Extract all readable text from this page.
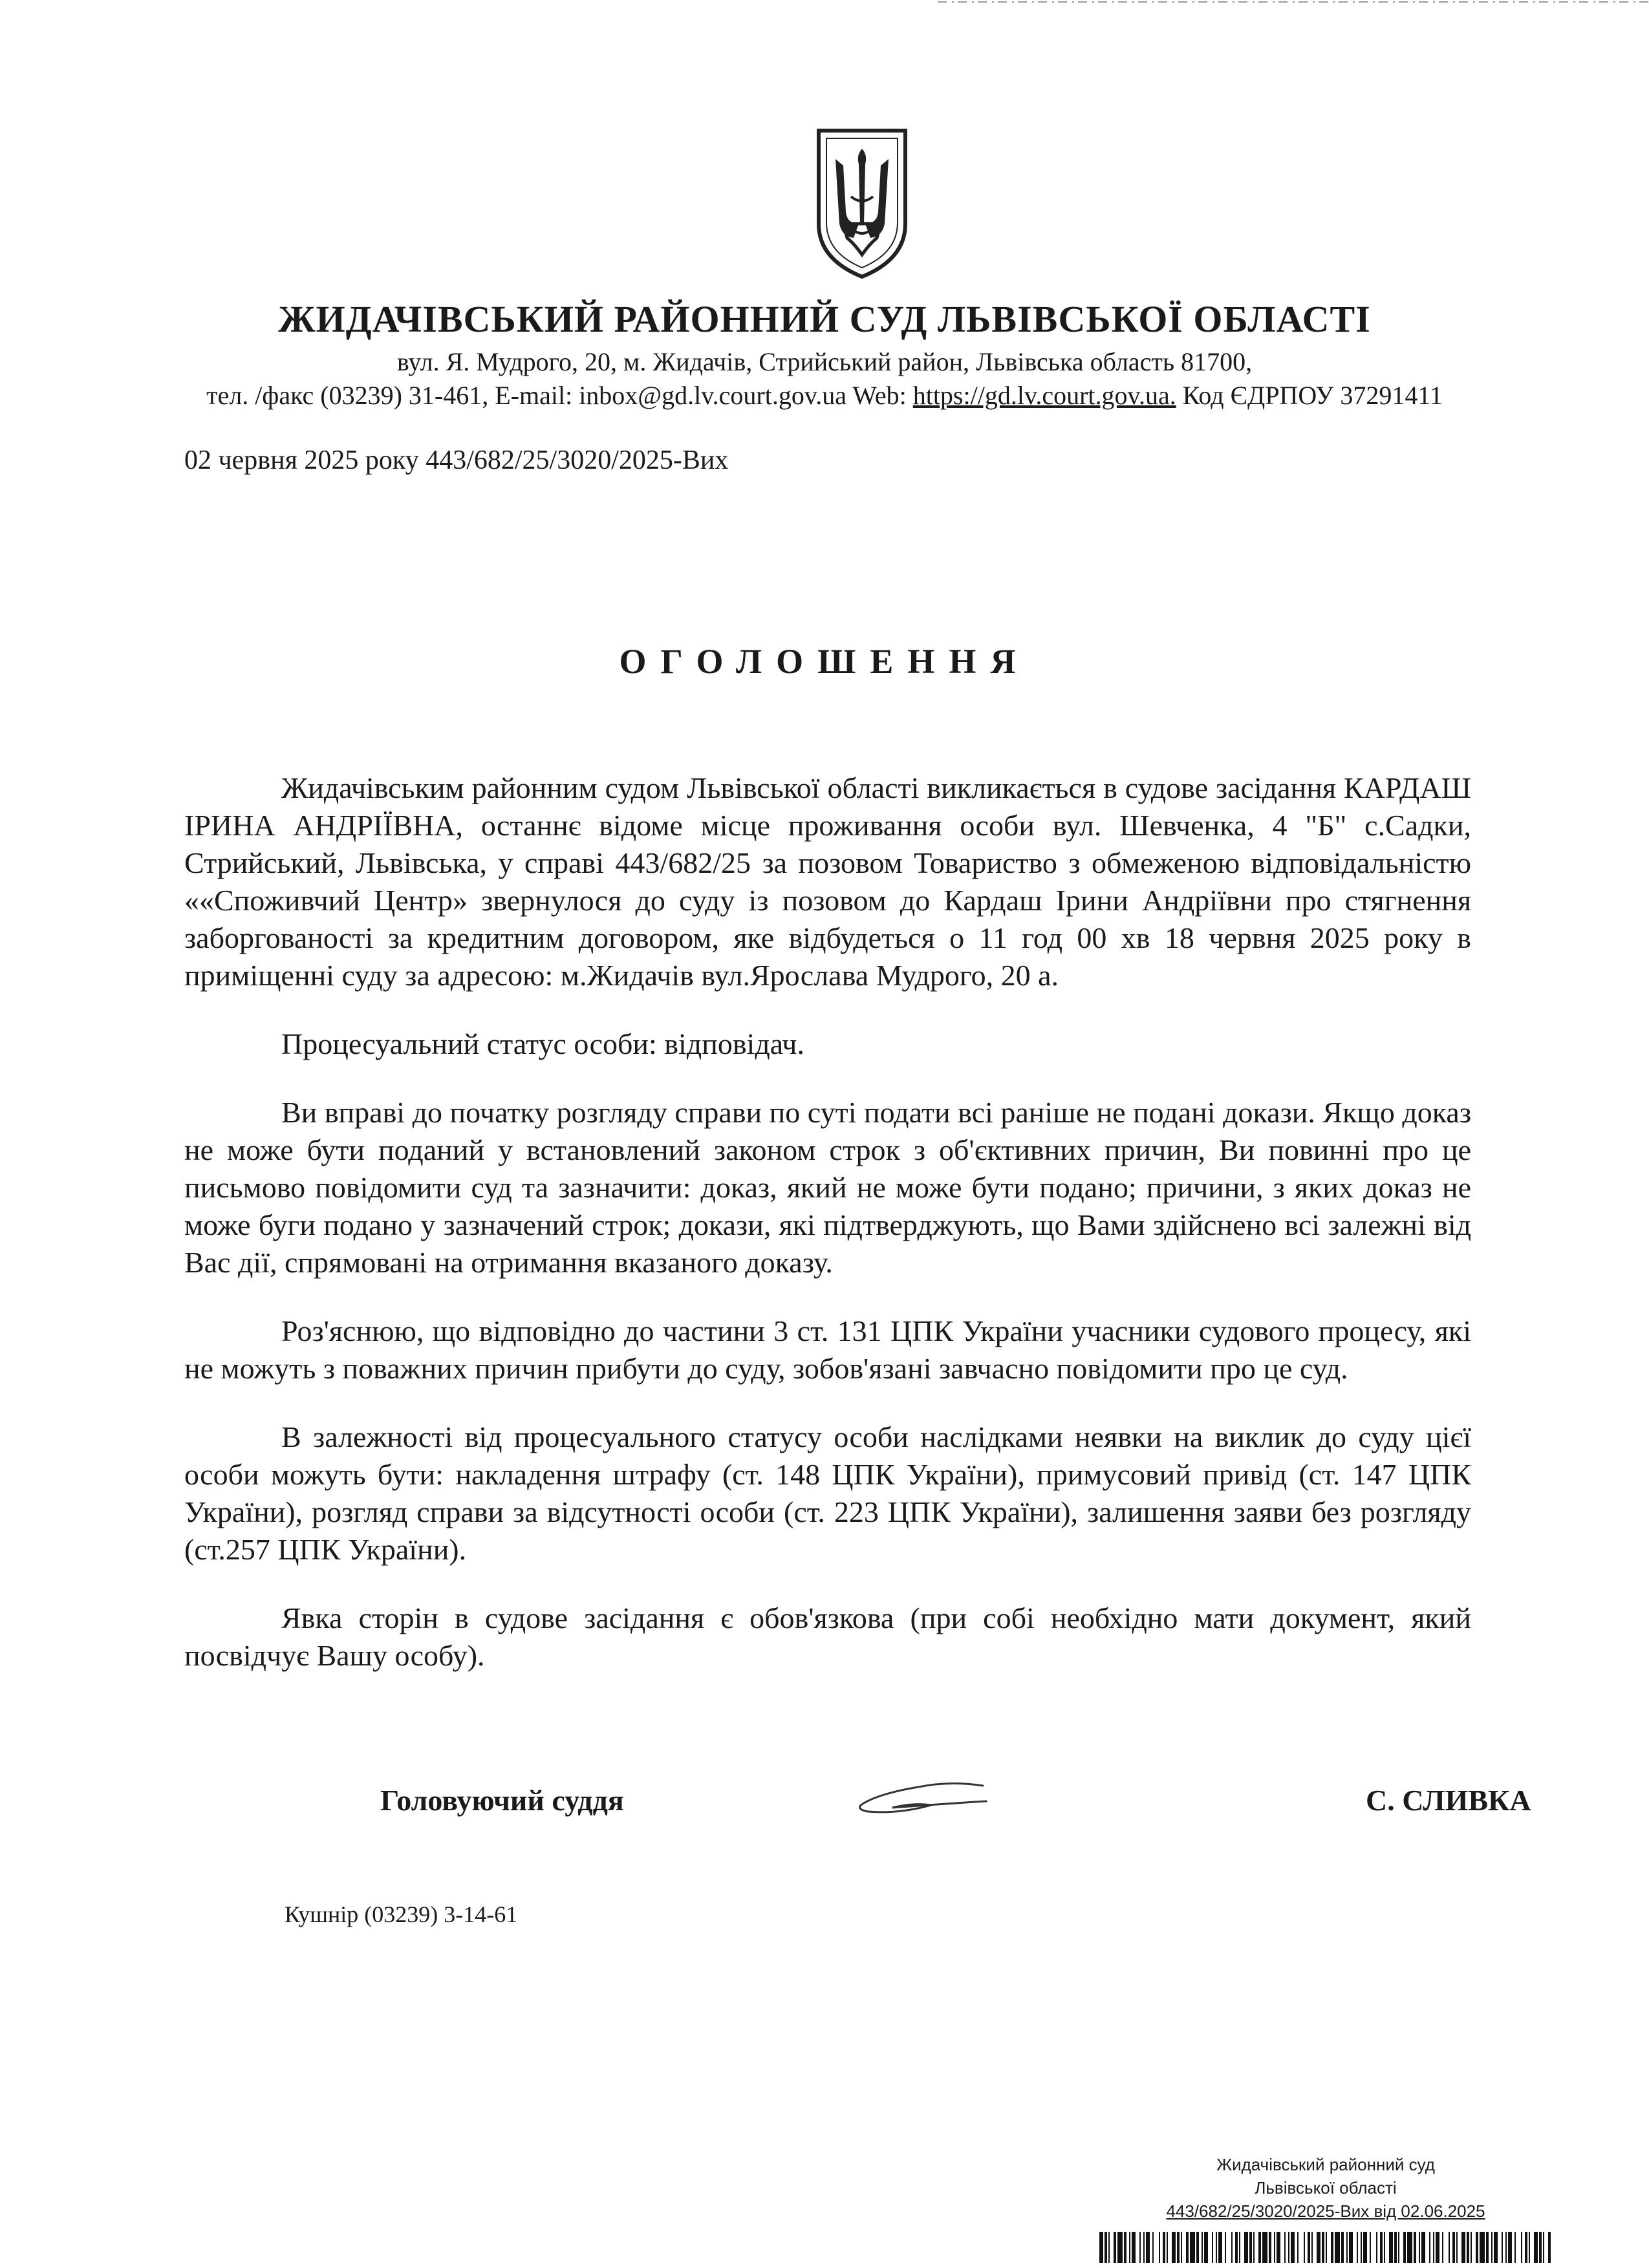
ЖИДАЧІВСЬКИЙ РАЙОННИЙ СУД ЛЬВІВСЬКОЇ ОБЛАСТІ
вул. Я. Мудрого, 20, м. Жидачів, Стрийський район, Львівська область 81700,
тел. /факс (03239) 31-461, E-mail: inbox@gd.lv.court.gov.ua Web: https://gd.lv.court.gov.ua. Код ЄДРПОУ 37291411
02 червня 2025 року 443/682/25/3020/2025-Вих
ОГОЛОШЕННЯ

Жидачівським районним судом Львівської області викликається в судове засідання КАРДАШ ІРИНА АНДРІЇВНА, останнє відоме місце проживання особи вул. Шевченка, 4 "Б" с.Садки, Стрийський, Львівська, у справі 443/682/25 за позовом Товариство з обмеженою відповідальністю ««Споживчий Центр» звернулося до суду із позовом до Кардаш Ірини Андріївни про стягнення заборгованості за кредитним договором, яке відбудеться о 11 год 00 хв 18 червня 2025 року в приміщенні суду за адресою: м.Жидачів вул.Ярослава Мудрого, 20 а.

Процесуальний статус особи: відповідач.

Ви вправі до початку розгляду справи по суті подати всі раніше не подані докази. Якщо доказ не може бути поданий у встановлений законом строк з об'єктивних причин, Ви повинні про це письмово повідомити суд та зазначити: доказ, який не може бути подано; причини, з яких доказ не може буги подано у зазначений строк; докази, які підтверджують, що Вами здійснено всі залежні від Вас дії, спрямовані на отримання вказаного доказу.

Роз'яснюю, що відповідно до частини 3 ст. 131 ЦПК України учасники судового процесу, які не можуть з поважних причин прибути до суду, зобов'язані завчасно повідомити про це суд.

В залежності від процесуального статусу особи наслідками неявки на виклик до суду цієї особи можуть бути: накладення штрафу (ст. 148 ЦПК України), примусовий привід (ст. 147 ЦПК України), розгляд справи за відсутності особи (ст. 223 ЦПК України), залишення заяви без розгляду (ст.257 ЦПК України).

Явка сторін в судове засідання є обов'язкова (при собі необхідно мати документ, який посвідчує Вашу особу).

Головуючий суддя	С. СЛИВКА
Кушнір (03239) 3-14-61
Жидачівський районний суд
Львівської області
443/682/25/3020/2025-Вих від 02.06.2025
